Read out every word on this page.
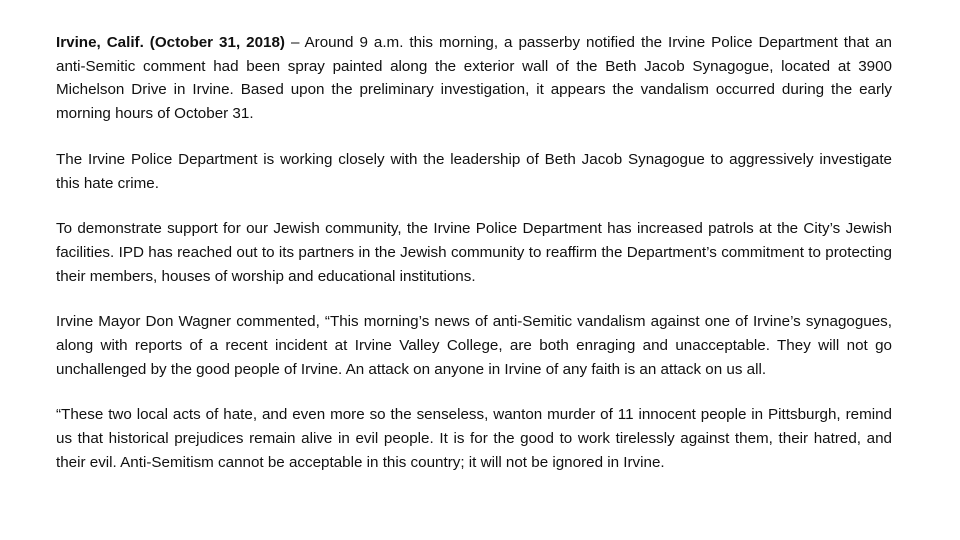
Irvine, Calif. (October 31, 2018) – Around 9 a.m. this morning, a passerby notified the Irvine Police Department that an anti-Semitic comment had been spray painted along the exterior wall of the Beth Jacob Synagogue, located at 3900 Michelson Drive in Irvine. Based upon the preliminary investigation, it appears the vandalism occurred during the early morning hours of October 31.

The Irvine Police Department is working closely with the leadership of Beth Jacob Synagogue to aggressively investigate this hate crime.

To demonstrate support for our Jewish community, the Irvine Police Department has increased patrols at the City’s Jewish facilities. IPD has reached out to its partners in the Jewish community to reaffirm the Department’s commitment to protecting their members, houses of worship and educational institutions.

Irvine Mayor Don Wagner commented, “This morning’s news of anti-Semitic vandalism against one of Irvine’s synagogues, along with reports of a recent incident at Irvine Valley College, are both enraging and unacceptable. They will not go unchallenged by the good people of Irvine. An attack on anyone in Irvine of any faith is an attack on us all.

“These two local acts of hate, and even more so the senseless, wanton murder of 11 innocent people in Pittsburgh, remind us that historical prejudices remain alive in evil people. It is for the good to work tirelessly against them, their hatred, and their evil. Anti-Semitism cannot be acceptable in this country; it will not be ignored in Irvine.
